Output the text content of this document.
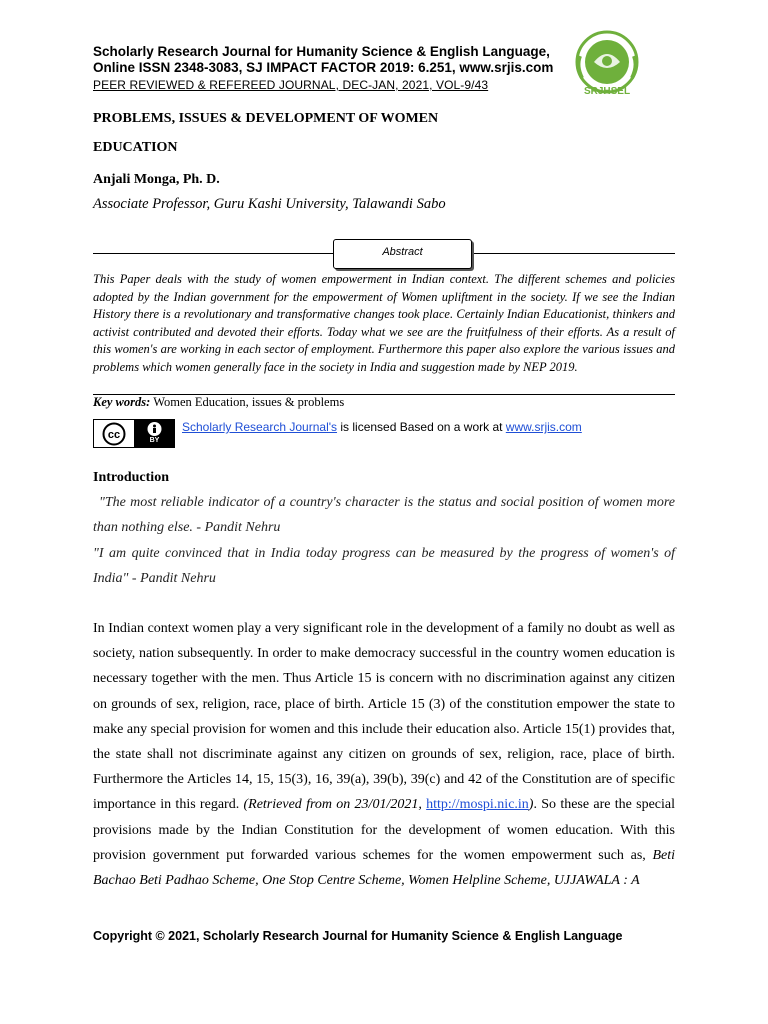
Scholarly Research Journal for Humanity Science & English Language,
Online ISSN 2348-3083, SJ IMPACT FACTOR 2019: 6.251, www.srjis.com
PEER REVIEWED & REFEREED JOURNAL, DEC-JAN, 2021, VOL-9/43	SRJHSEL
PROBLEMS, ISSUES & DEVELOPMENT OF WOMEN
EDUCATION
Anjali Monga, Ph. D.
Associate Professor, Guru Kashi University, Talawandi Sabo
Abstract
This Paper deals with the study of women empowerment in Indian context. The different schemes and policies adopted by the Indian government for the empowerment of Women upliftment in the society. If we see the Indian History there is a revolutionary and transformative changes took place. Certainly Indian Educationist, thinkers and activist contributed and devoted their efforts. Today what we see are the fruitfulness of their efforts. As a result of this women's are working in each sector of employment. Furthermore this paper also explore the various issues and problems which women generally face in the society in India and suggestion made by NEP 2019.
Key words: Women Education, issues & problems
cc	BY
Scholarly Research Journal's is licensed Based on a work at www.srjis.com
Introduction
"The most reliable indicator of a country's character is the status and social position of women more than nothing else. - Pandit Nehru
"I am quite convinced that in India today progress can be measured by the progress of women's of India" - Pandit Nehru
In Indian context women play a very significant role in the development of a family no doubt as well as society, nation subsequently. In order to make democracy successful in the country women education is necessary together with the men. Thus Article 15 is concern with no discrimination against any citizen on grounds of sex, religion, race, place of birth. Article 15 (3) of the constitution empower the state to make any special provision for women and this include their education also. Article 15(1) provides that, the state shall not discriminate against any citizen on grounds of sex, religion, race, place of birth. Furthermore the Articles 14, 15, 15(3), 16, 39(a), 39(b), 39(c) and 42 of the Constitution are of specific importance in this regard. (Retrieved from on 23/01/2021, http://mospi.nic.in). So these are the special provisions made by the Indian Constitution for the development of women education. With this provision government put forwarded various schemes for the women empowerment such as, Beti Bachao Beti Padhao Scheme, One Stop Centre Scheme, Women Helpline Scheme, UJJAWALA : A
Copyright © 2021, Scholarly Research Journal for Humanity Science & English Language
